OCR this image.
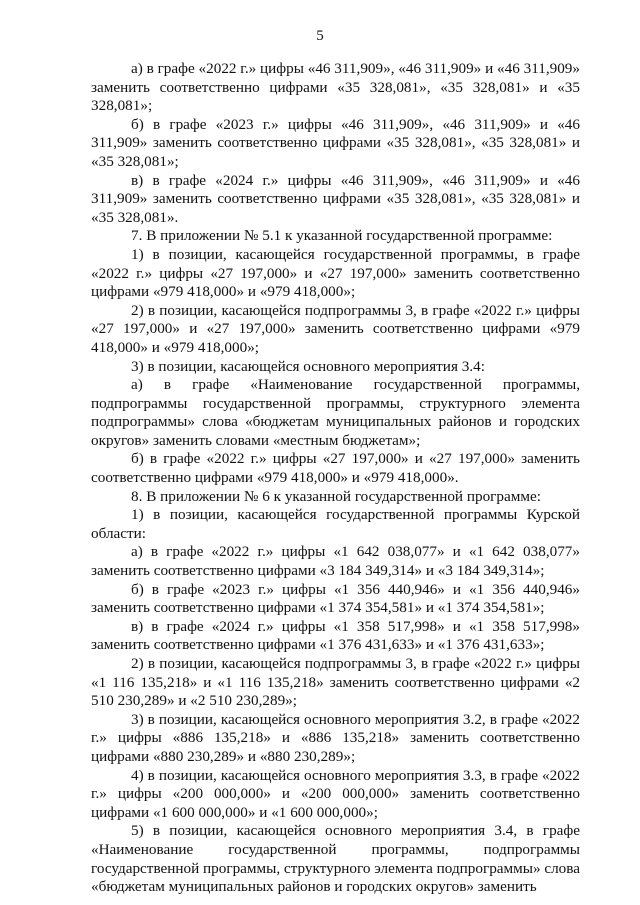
5

а) в графе «2022 г.» цифры «46 311,909», «46 311,909» и «46 311,909» заменить соответственно цифрами «35 328,081», «35 328,081» и «35 328,081»;

б) в графе «2023 г.» цифры «46 311,909», «46 311,909» и «46 311,909» заменить соответственно цифрами «35 328,081», «35 328,081» и «35 328,081»;

в) в графе «2024 г.» цифры «46 311,909», «46 311,909» и «46 311,909» заменить соответственно цифрами «35 328,081», «35 328,081» и «35 328,081».

7. В приложении № 5.1 к указанной государственной программе:

1) в позиции, касающейся государственной программы, в графе «2022 г.» цифры «27 197,000» и «27 197,000» заменить соответственно цифрами «979 418,000» и «979 418,000»;

2) в позиции, касающейся подпрограммы 3, в графе «2022 г.» цифры «27 197,000» и «27 197,000» заменить соответственно цифрами «979 418,000» и «979 418,000»;

3) в позиции, касающейся основного мероприятия 3.4:

а) в графе «Наименование государственной программы, подпрограммы государственной программы, структурного элемента подпрограммы» слова «бюджетам муниципальных районов и городских округов» заменить словами «местным бюджетам»;

б) в графе «2022 г.» цифры «27 197,000» и «27 197,000» заменить соответственно цифрами «979 418,000» и «979 418,000».

8. В приложении № 6 к указанной государственной программе:

1) в позиции, касающейся государственной программы Курской области:

а) в графе «2022 г.» цифры «1 642 038,077» и «1 642 038,077» заменить соответственно цифрами «3 184 349,314» и «3 184 349,314»;

б) в графе «2023 г.» цифры «1 356 440,946» и «1 356 440,946» заменить соответственно цифрами «1 374 354,581» и «1 374 354,581»;

в) в графе «2024 г.» цифры «1 358 517,998» и «1 358 517,998» заменить соответственно цифрами «1 376 431,633» и «1 376 431,633»;

2) в позиции, касающейся подпрограммы 3, в графе «2022 г.» цифры «1 116 135,218» и «1 116 135,218» заменить соответственно цифрами «2 510 230,289» и «2 510 230,289»;

3) в позиции, касающейся основного мероприятия 3.2, в графе «2022 г.» цифры «886 135,218» и «886 135,218» заменить соответственно цифрами «880 230,289» и «880 230,289»;

4) в позиции, касающейся основного мероприятия 3.3, в графе «2022 г.» цифры «200 000,000» и «200 000,000» заменить соответственно цифрами «1 600 000,000» и «1 600 000,000»;

5) в позиции, касающейся основного мероприятия 3.4, в графе «Наименование государственной программы, подпрограммы государственной программы, структурного элемента подпрограммы» слова «бюджетам муниципальных районов и городских округов» заменить
